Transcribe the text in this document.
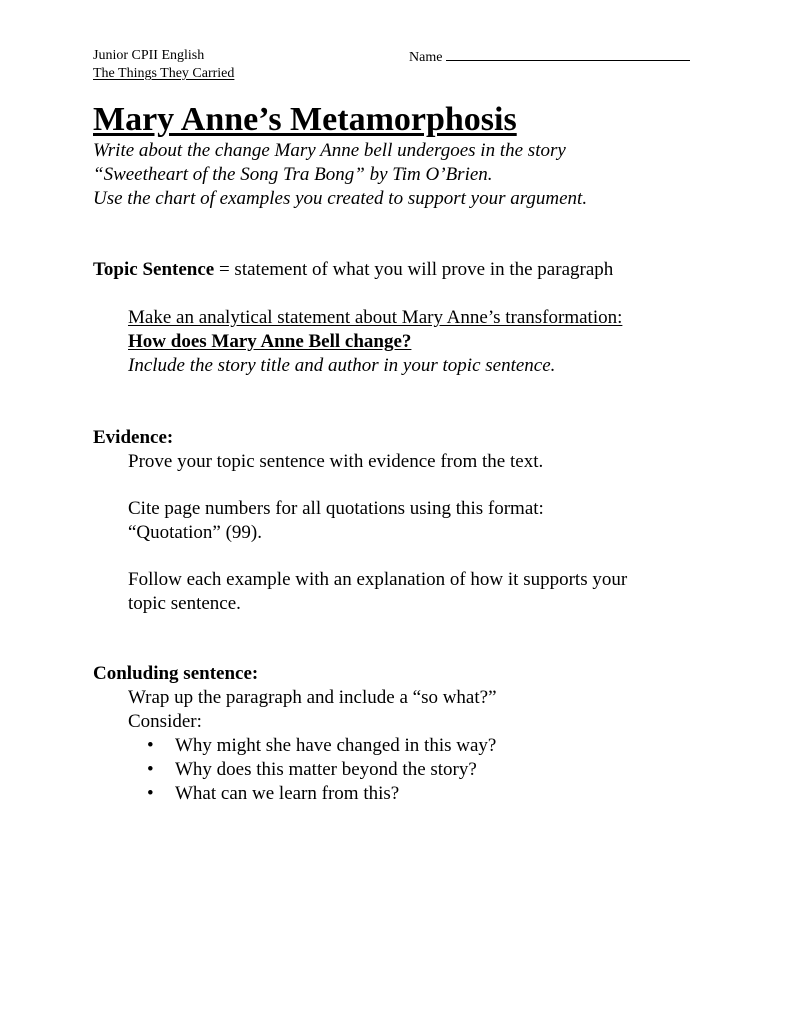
Junior CPII English
The Things They Carried
Name
Mary Anne’s Metamorphosis
Write about the change Mary Anne bell undergoes in the story
“Sweetheart of the Song Tra Bong” by Tim O’Brien.
Use the chart of examples you created to support your argument.
Topic Sentence = statement of what you will prove in the paragraph
Make an analytical statement about Mary Anne’s transformation:
How does Mary Anne Bell change?
Include the story title and author in your topic sentence.
Evidence:

Prove your topic sentence with evidence from the text.

Cite page numbers for all quotations using this format:

“Quotation” (99).

Follow each example with an explanation of how it supports your

topic sentence.

Conluding sentence:
Wrap up the paragraph and include a “so what?”
Consider:
• Why might she have changed in this way?
• Why does this matter beyond the story?
• What can we learn from this?
